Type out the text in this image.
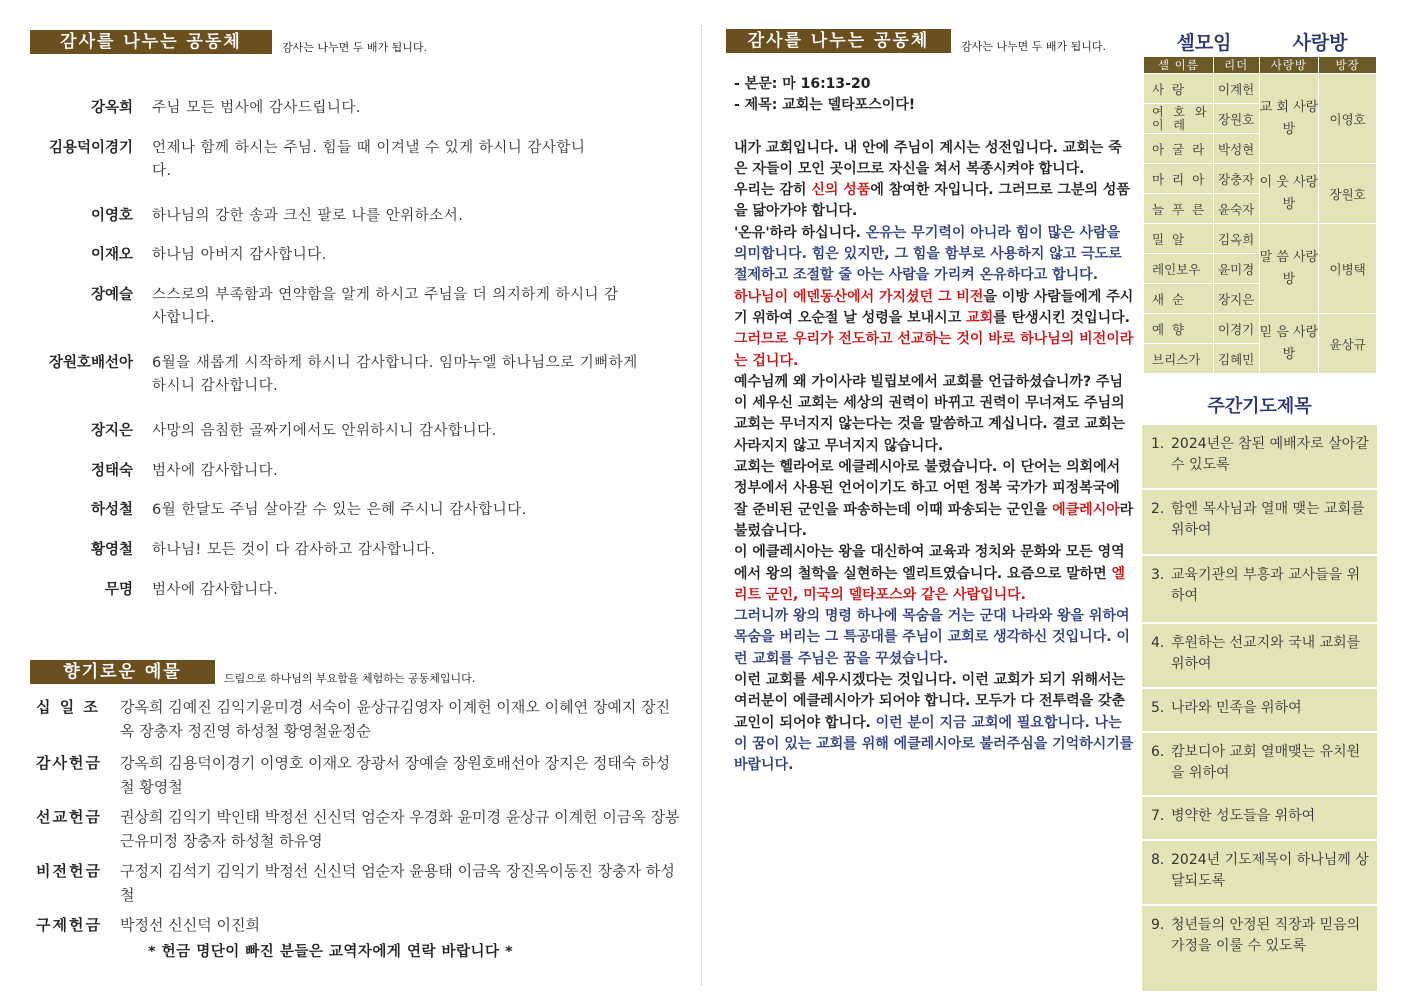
감사를 나누는 공동체	감사는 나누면 두 배가 됩니다.
강옥희 주님 모든 범사에 감사드립니다.
김용덕이경기 언제나 함께 하시는 주님. 힘들 때 이겨낼 수 있게 하시니 감사합니다.
이영호 하나님의 강한 송과 크신 팔로 나를 안위하소서.
이재오 하나님 아버지 감사합니다.
장예슬 스스로의 부족함과 연약함을 알게 하시고 주님을 더 의지하게 하시니 감사합니다.
장원호배선아 6월을 새롭게 시작하게 하시니 감사합니다. 임마누엘 하나님으로 기뻐하게 하시니 감사합니다.
장지은 사망의 음침한 골짜기에서도 안위하시니 감사합니다.
정태숙 범사에 감사합니다.
하성철 6월 한달도 주님 살아갈 수 있는 은혜 주시니 감사합니다.
황영철 하나님! 모든 것이 다 감사하고 감사합니다.
무명 범사에 감사합니다.
향기로운 예물	드림으로 하나님의 부요함을 체험하는 공동체입니다.
십 일 조	강옥희 김예진 김익기윤미경 서숙이 윤상규김영자 이계헌 이재오 이혜연 장예지 장진옥 장충자 정진영 하성철 황영철윤정순
감사헌금	강옥희 김용덕이경기 이영호 이재오 장광서 장예슬 장원호배선아 장지은 정태숙 하성철 황영철
선교헌금	권상희 김익기 박인태 박정선 신신덕 엄순자 우경화 윤미경 윤상규 이계헌 이금옥 장봉근유미정 장충자 하성철 하유영
비전헌금	구정지 김석기 김익기 박정선 신신덕 엄순자 윤용태 이금옥 장진옥이동진 장충자 하성철
구제헌금	박정선 신신덕 이진희
* 헌금 명단이 빠진 분들은 교역자에게 연락 바랍니다 *
감사를 나누는 공동체	감사는 나누면 두 배가 됩니다.

- 본문: 마 16:13-20

- 제목: 교회는 델타포스이다!

내가 교회입니다. 내 안에 주님이 계시는 성전입니다. 교회는 죽은 자들이 모인 곳이므로 자신을 쳐서 복종시켜야 합니다.

우리는 감히 신의 성품에 참여한 자입니다. 그러므로 그분의 성품을 닮아가야 합니다.

'온유'하라 하십니다. 온유는 무기력이 아니라 힘이 많은 사람을 의미합니다. 힘은 있지만, 그 힘을 함부로 사용하지 않고 극도로 절제하고 조절할 줄 아는 사람을 가리켜 온유하다고 합니다.

하나님이 에덴동산에서 가지셨던 그 비전을 이방 사람들에게 주시기 위하여 오순절 날 성령을 보내시고 교회를 탄생시킨 것입니다.

그러므로 우리가 전도하고 선교하는 것이 바로 하나님의 비전이라는 겁니다.

예수님께 왜 가이사랴 빌립보에서 교회를 언급하셨습니까? 주님이 세우신 교회는 세상의 권력이 바뀌고 권력이 무너져도 주님의 교회는 무너지지 않는다는 것을 말씀하고 계십니다. 결코 교회는 사라지지 않고 무너지지 않습니다.

교회는 헬라어로 에클레시아로 불렸습니다. 이 단어는 의회에서 정부에서 사용된 언어이기도 하고 어떤 정복 국가가 피정복국에 잘 준비된 군인을 파송하는데 이때 파송되는 군인을 에클레시아라 불렀습니다.

이 에클레시아는 왕을 대신하여 교육과 정치와 문화와 모든 영역에서 왕의 철학을 실현하는 엘리트였습니다. 요즘으로 말하면 엘리트 군인, 미국의 델타포스와 같은 사람입니다.

그러니까 왕의 명령 하나에 목숨을 거는 군대 나라와 왕을 위하여 목숨을 버리는 그 특공대를 주님이 교회로 생각하신 것입니다. 이런 교회를 주님은 꿈을 꾸셨습니다.

이런 교회를 세우시겠다는 것입니다. 이런 교회가 되기 위해서는 여러분이 에클레시아가 되어야 합니다. 모두가 다 전투력을 갖춘 교인이 되어야 합니다. 이런 분이 지금 교회에 필요합니다. 나는 이 꿈이 있는 교회를 위해 에클레시아로 불러주심을 기억하시기를 바랍니다.

셀모임	사랑방
셀 이름	리더	사랑방	방장
사 랑	이계헌	교 회 사랑방	이영호
여 호 와 이 레	장원호		
아 굴 라	박성현		
마 리 아	장충자	이 웃 사랑방	장원호
늘 푸 른	윤숙자		
밀 알	김옥희	말 씀 사랑방	이병택
레인보우	윤미경		
새 순	장지은		
예 향	이경기	믿 음 사랑방	윤상규
브리스가	김혜민		
주간기도제목
1. 2024년은 참된 예배자로 살아갈 수 있도록
2. 함엔 목사님과 열매 맺는 교회를 위하여
3. 교육기관의 부흥과 교사들을 위하여
4. 후원하는 선교지와 국내 교회를 위하여
5. 나라와 민족을 위하여
6. 캄보디아 교회 열매맺는 유치원을 위하여
7. 병약한 성도들을 위하여
8. 2024년 기도제목이 하나님께 상달되도록
9. 청년들의 안정된 직장과 믿음의 가정을 이룰 수 있도록
